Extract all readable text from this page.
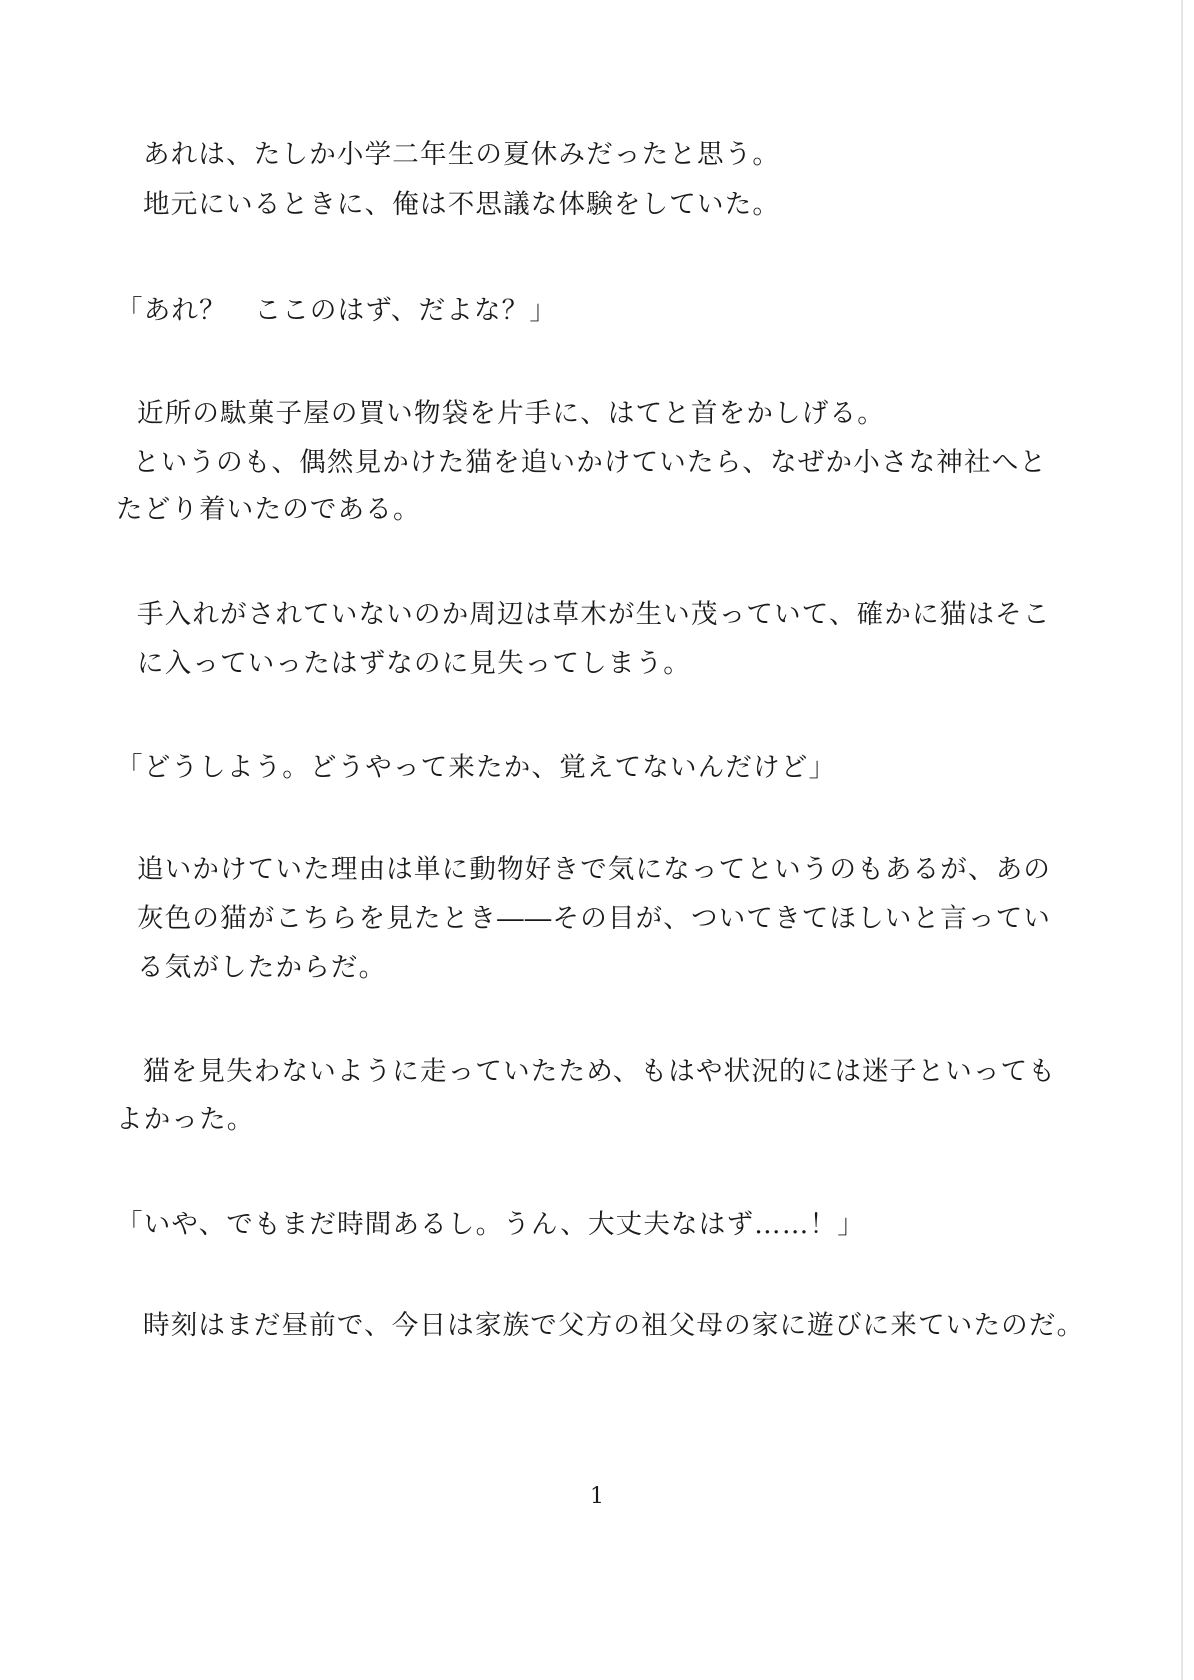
あれは、たしか小学二年生の夏休みだったと思う。

地元にいるときに、俺は不思議な体験をしていた。

「あれ？　ここのはず、だよな？」

近所の駄菓子屋の買い物袋を片手に、はてと首をかしげる。

というのも、偶然見かけた猫を追いかけていたら、なぜか小さな神社へと

たどり着いたのである。

手入れがされていないのか周辺は草木が生い茂っていて、確かに猫はそこ

に入っていったはずなのに見失ってしまう。

「どうしよう。どうやって来たか、覚えてないんだけど」

追いかけていた理由は単に動物好きで気になってというのもあるが、あの

灰色の猫がこちらを見たとき――その目が、ついてきてほしいと言ってい

る気がしたからだ。

猫を見失わないように走っていたため、もはや状況的には迷子といっても

よかった。

「いや、でもまだ時間あるし。うん、大丈夫なはず……！」

時刻はまだ昼前で、今日は家族で父方の祖父母の家に遊びに来ていたのだ。

1
